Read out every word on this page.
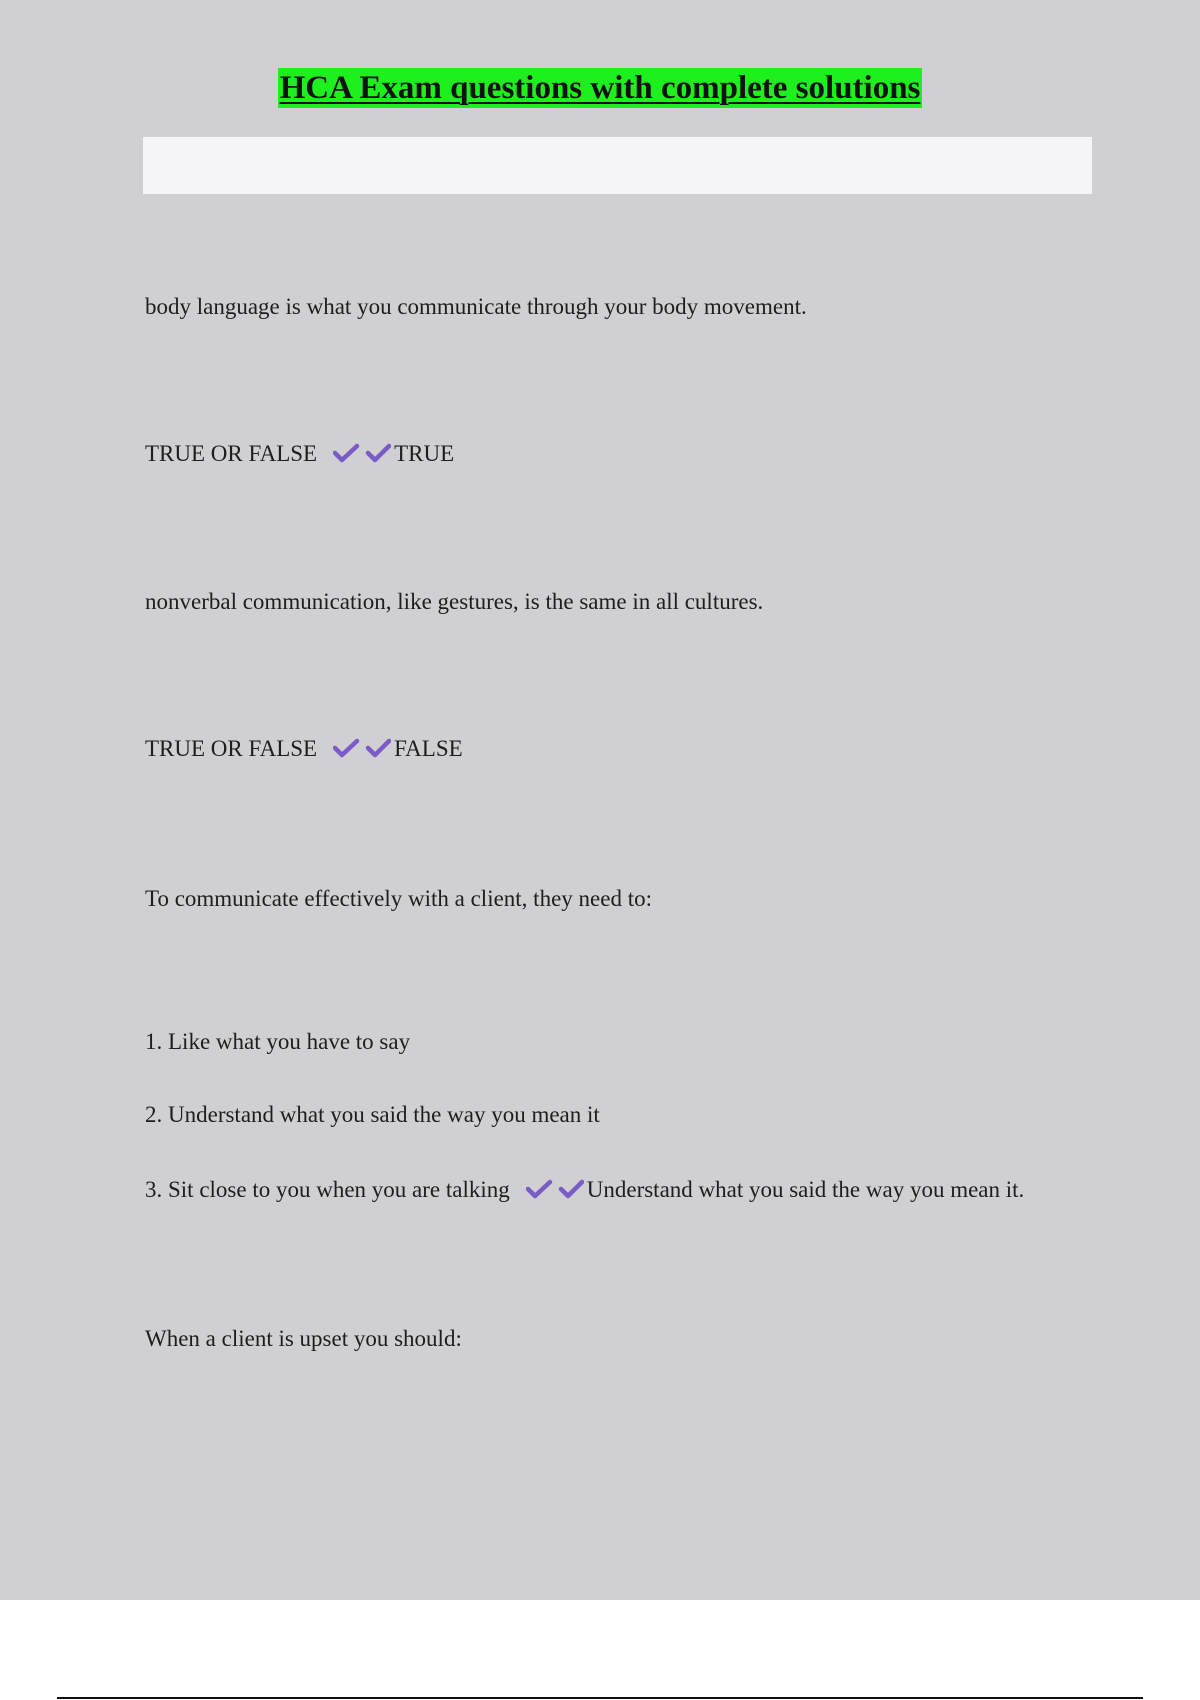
HCA Exam questions with complete solutions
body language is what you communicate through your body movement.
TRUE OR FALSE	TRUE
nonverbal communication, like gestures, is the same in all cultures.
TRUE OR FALSE	FALSE
To communicate effectively with a client, they need to:
1. Like what you have to say
2. Understand what you said the way you mean it
3. Sit close to you when you are talking	Understand what you said the way you mean it.
When a client is upset you should:
